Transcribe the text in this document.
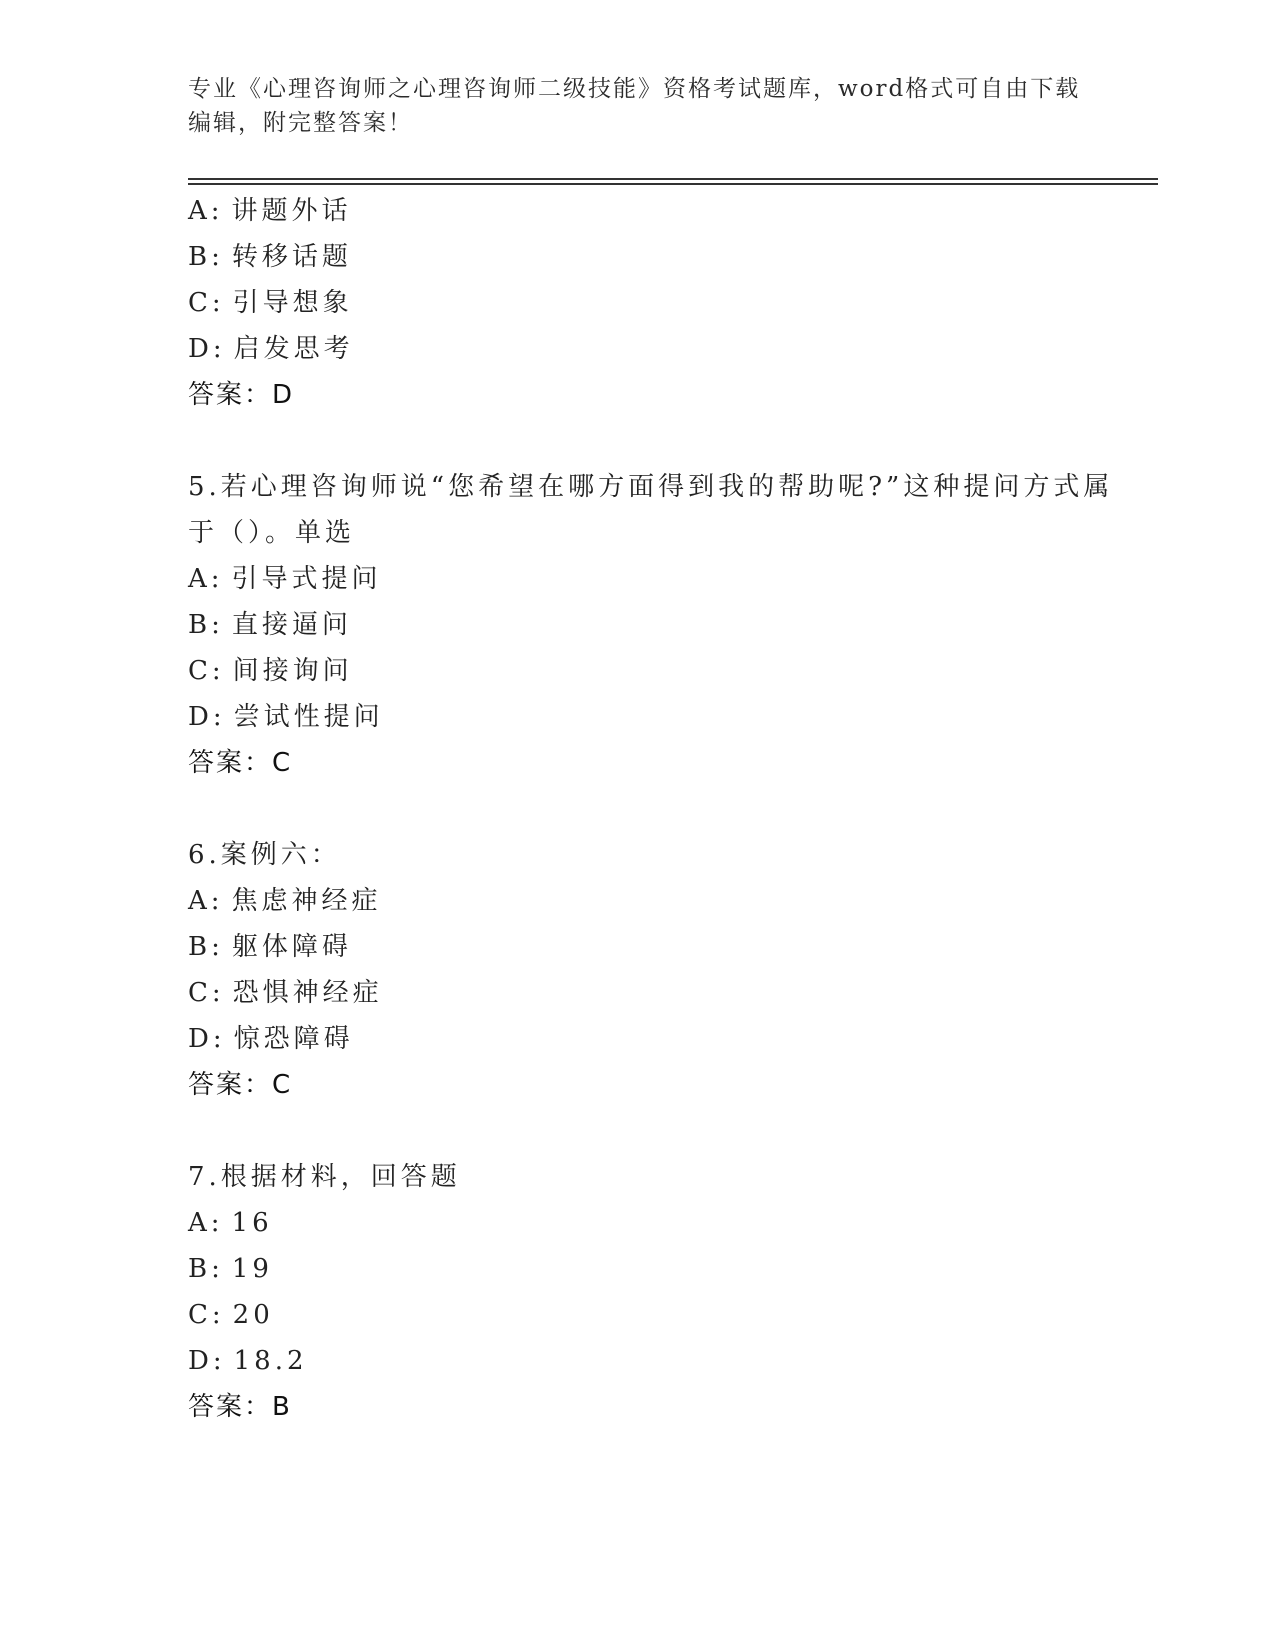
专业《心理咨询师之心理咨询师二级技能》资格考试题库，word格式可自由下载编辑，附完整答案！
A: 讲题外话
B: 转移话题
C: 引导想象
D: 启发思考
答案：D
5.若心理咨询师说“您希望在哪方面得到我的帮助呢?”这种提问方式属于（）。单选
A: 引导式提问
B: 直接逼问
C: 间接询问
D: 尝试性提问
答案：C
6.案例六：
A: 焦虑神经症
B: 躯体障碍
C: 恐惧神经症
D: 惊恐障碍
答案：C
7.根据材料，回答题
A: 16
B: 19
C: 20
D: 18.2
答案：B
